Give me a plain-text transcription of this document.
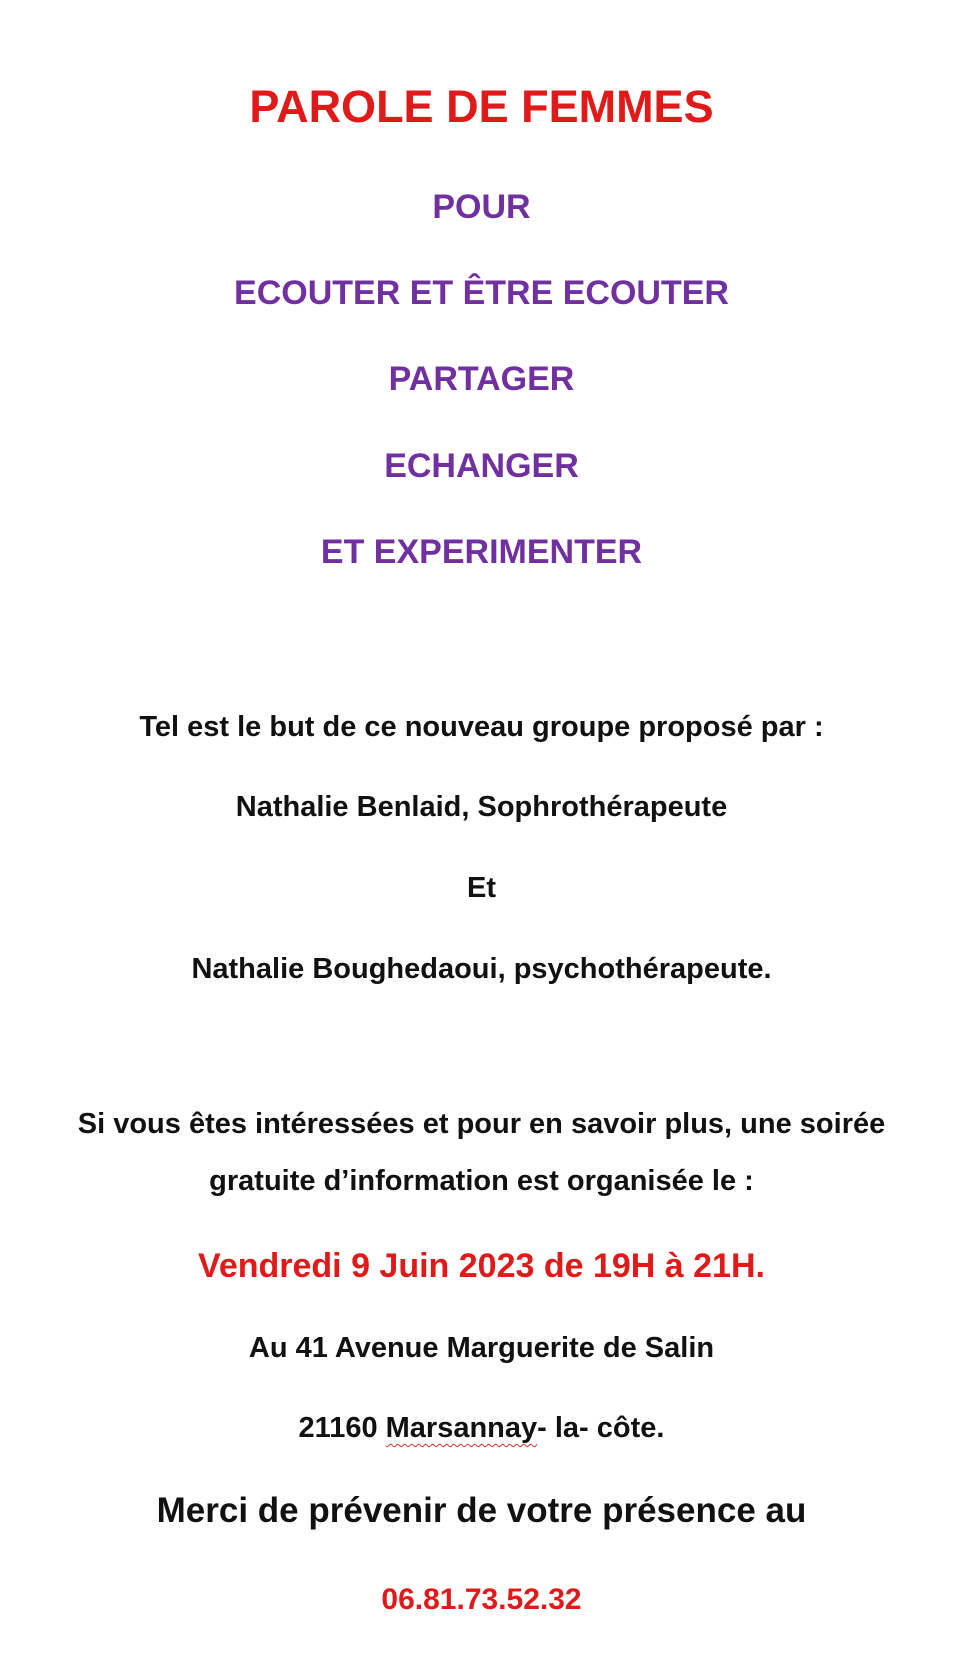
PAROLE DE FEMMES
POUR
ECOUTER ET ÊTRE ECOUTER
PARTAGER
ECHANGER
ET EXPERIMENTER
Tel est le but de ce nouveau groupe proposé par :
Nathalie Benlaid, Sophrothérapeute
Et
Nathalie Boughedaoui, psychothérapeute.
Si vous êtes intéressées et pour en savoir plus, une soirée
gratuite d’information est organisée le :
Vendredi 9 Juin 2023 de 19H à 21H.
Au 41 Avenue Marguerite de Salin
21160 Marsannay- la- côte.
Merci de prévenir de votre présence au
06.81.73.52.32
